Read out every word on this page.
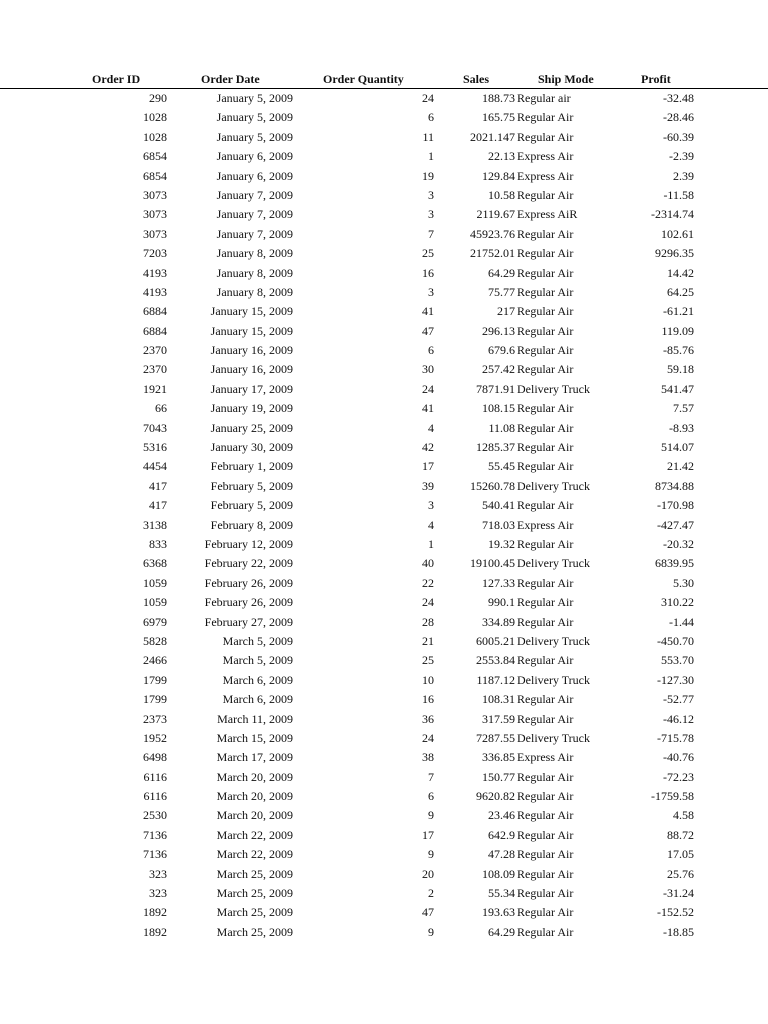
Order ID	Order Date	Order Quantity	Sales	Ship Mode	Profit
290	January 5, 2009	24	188.73 Regular air	-32.48
1028	January 5, 2009	6	165.75 Regular Air	-28.46
1028	January 5, 2009	11	2021.147 Regular Air	-60.39
6854	January 6, 2009	1	22.13 Express Air	-2.39
6854	January 6, 2009	19	129.84 Express Air	2.39
3073	January 7, 2009	3	10.58 Regular Air	-11.58
3073	January 7, 2009	3	2119.67 Express AiR	-2314.74
3073	January 7, 2009	7	45923.76 Regular Air	102.61
7203	January 8, 2009	25	21752.01 Regular Air	9296.35
4193	January 8, 2009	16	64.29 Regular Air	14.42
4193	January 8, 2009	3	75.77 Regular Air	64.25
6884	January 15, 2009	41	217 Regular Air	-61.21
6884	January 15, 2009	47	296.13 Regular Air	119.09
2370	January 16, 2009	6	679.6 Regular Air	-85.76
2370	January 16, 2009	30	257.42 Regular Air	59.18
1921	January 17, 2009	24	7871.91 Delivery Truck	541.47
66	January 19, 2009	41	108.15 Regular Air	7.57
7043	January 25, 2009	4	11.08 Regular Air	-8.93
5316	January 30, 2009	42	1285.37 Regular Air	514.07
4454	February 1, 2009	17	55.45 Regular Air	21.42
417	February 5, 2009	39	15260.78 Delivery Truck	8734.88
417	February 5, 2009	3	540.41 Regular Air	-170.98
3138	February 8, 2009	4	718.03 Express Air	-427.47
833	February 12, 2009	1	19.32 Regular Air	-20.32
6368	February 22, 2009	40	19100.45 Delivery Truck	6839.95
1059	February 26, 2009	22	127.33 Regular Air	5.30
1059	February 26, 2009	24	990.1 Regular Air	310.22
6979	February 27, 2009	28	334.89 Regular Air	-1.44
5828	March 5, 2009	21	6005.21 Delivery Truck	-450.70
2466	March 5, 2009	25	2553.84 Regular Air	553.70
1799	March 6, 2009	10	1187.12 Delivery Truck	-127.30
1799	March 6, 2009	16	108.31 Regular Air	-52.77
2373	March 11, 2009	36	317.59 Regular Air	-46.12
1952	March 15, 2009	24	7287.55 Delivery Truck	-715.78
6498	March 17, 2009	38	336.85 Express Air	-40.76
6116	March 20, 2009	7	150.77 Regular Air	-72.23
6116	March 20, 2009	6	9620.82 Regular Air	-1759.58
2530	March 20, 2009	9	23.46 Regular Air	4.58
7136	March 22, 2009	17	642.9 Regular Air	88.72
7136	March 22, 2009	9	47.28 Regular Air	17.05
323	March 25, 2009	20	108.09 Regular Air	25.76
323	March 25, 2009	2	55.34 Regular Air	-31.24
1892	March 25, 2009	47	193.63 Regular Air	-152.52
1892	March 25, 2009	9	64.29 Regular Air	-18.85
